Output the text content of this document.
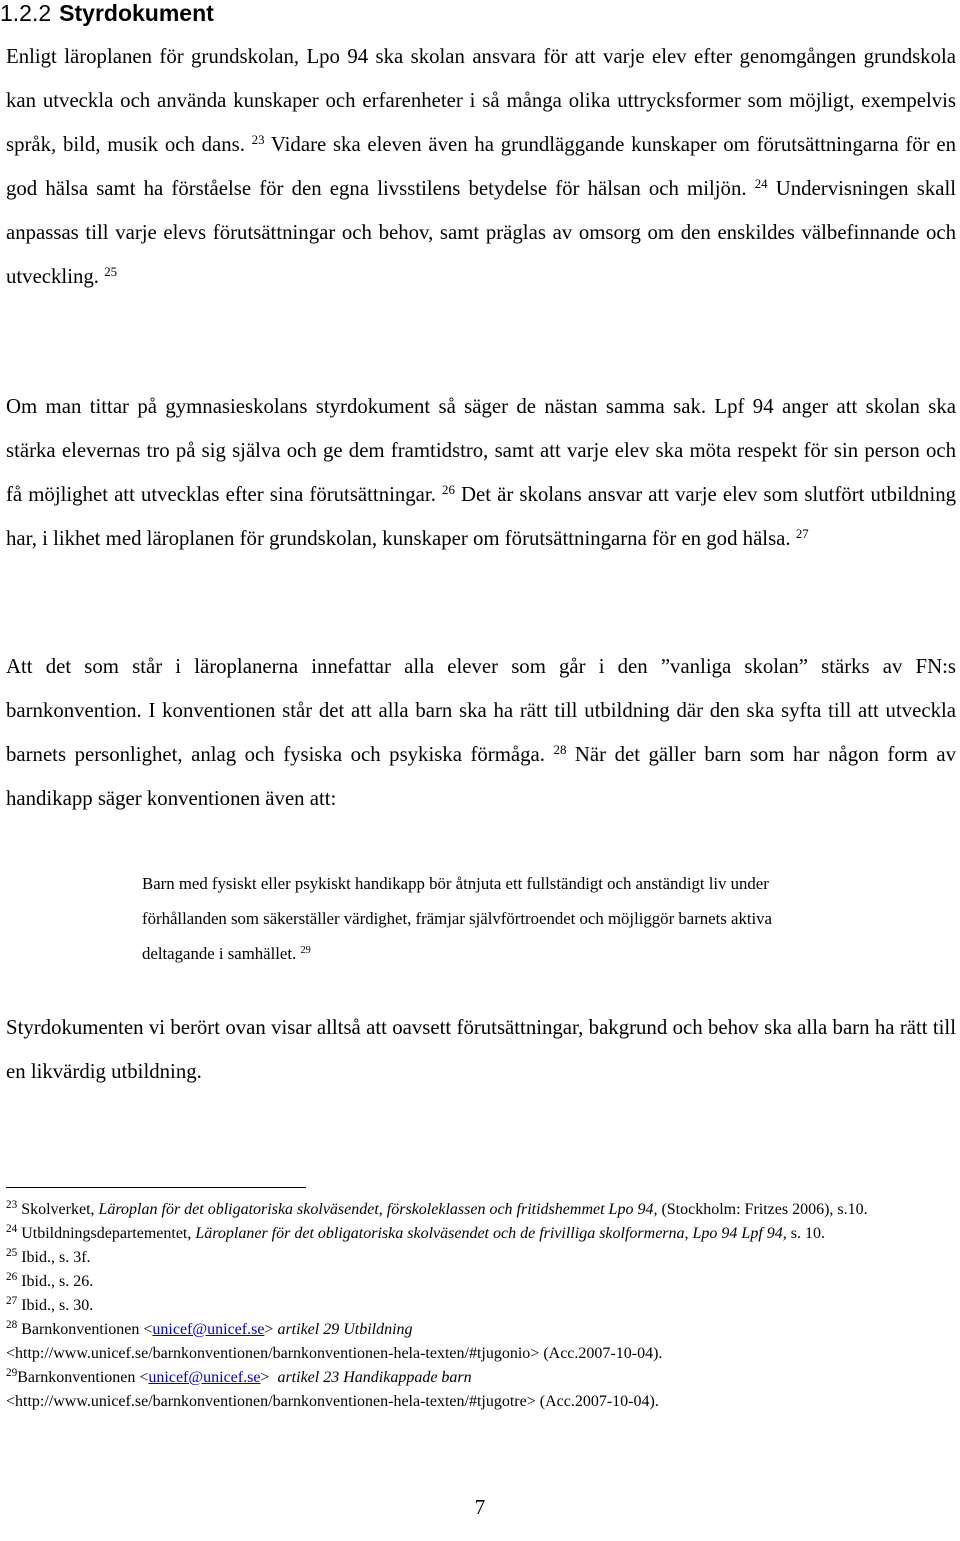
1.2.2 Styrdokument

Enligt läroplanen för grundskolan, Lpo 94 ska skolan ansvara för att varje elev efter genomgången grundskola kan utveckla och använda kunskaper och erfarenheter i så många olika uttrycksformer som möjligt, exempelvis språk, bild, musik och dans. $^{23}$ Vidare ska eleven även ha grundläggande kunskaper om förutsättningarna för en god hälsa samt ha förståelse för den egna livsstilens betydelse för hälsan och miljön. $^{24}$ Undervisningen skall anpassas till varje elevs förutsättningar och behov, samt präglas av omsorg om den enskildes välbefinnande och utveckling. $^{25}$

Om man tittar på gymnasieskolans styrdokument så säger de nästan samma sak. Lpf 94 anger att skolan ska stärka elevernas tro på sig själva och ge dem framtidstro, samt att varje elev ska möta respekt för sin person och få möjlighet att utvecklas efter sina förutsättningar. $^{26}$ Det är skolans ansvar att varje elev som slutfört utbildning har, i likhet med läroplanen för grundskolan, kunskaper om förutsättningarna för en god hälsa. $^{27}$

Att det som står i läroplanerna innefattar alla elever som går i den ”vanliga skolan” stärks av FN:s barnkonvention. I konventionen står det att alla barn ska ha rätt till utbildning där den ska syfta till att utveckla barnets personlighet, anlag och fysiska och psykiska förmåga. $^{28}$ När det gäller barn som har någon form av handikapp säger konventionen även att:

Barn med fysiskt eller psykiskt handikapp bör åtnjuta ett fullständigt och anständigt liv under förhållanden som säkerställer värdighet, främjar självförtroendet och möjliggör barnets aktiva deltagande i samhället. $^{29}$

Styrdokumenten vi berört ovan visar alltså att oavsett förutsättningar, bakgrund och behov ska alla barn ha rätt till en likvärdig utbildning.

$^{23}$ Skolverket, Läroplan för det obligatoriska skolväsendet, förskoleklassen och fritidshemmet Lpo 94, (Stockholm: Fritzes 2006), s.10.

$^{24}$ Utbildningsdepartementet, Läroplaner för det obligatoriska skolväsendet och de frivilliga skolformerna, Lpo 94 Lpf 94, s. 10.

$^{25}$ Ibid., s. 3f.

$^{26}$ Ibid., s. 26.

$^{27}$ Ibid., s. 30.

$^{28}$ Barnkonventionen <unicef@unicef.se> artikel 29 Utbildning
<http://www.unicef.se/barnkonventionen/barnkonventionen-hela-texten/#tjugonio> (Acc.2007-10-04).

$^{29}$Barnkonventionen <unicef@unicef.se>  artikel 23 Handikappade barn
<http://www.unicef.se/barnkonventionen/barnkonventionen-hela-texten/#tjugotre> (Acc.2007-10-04).

7
